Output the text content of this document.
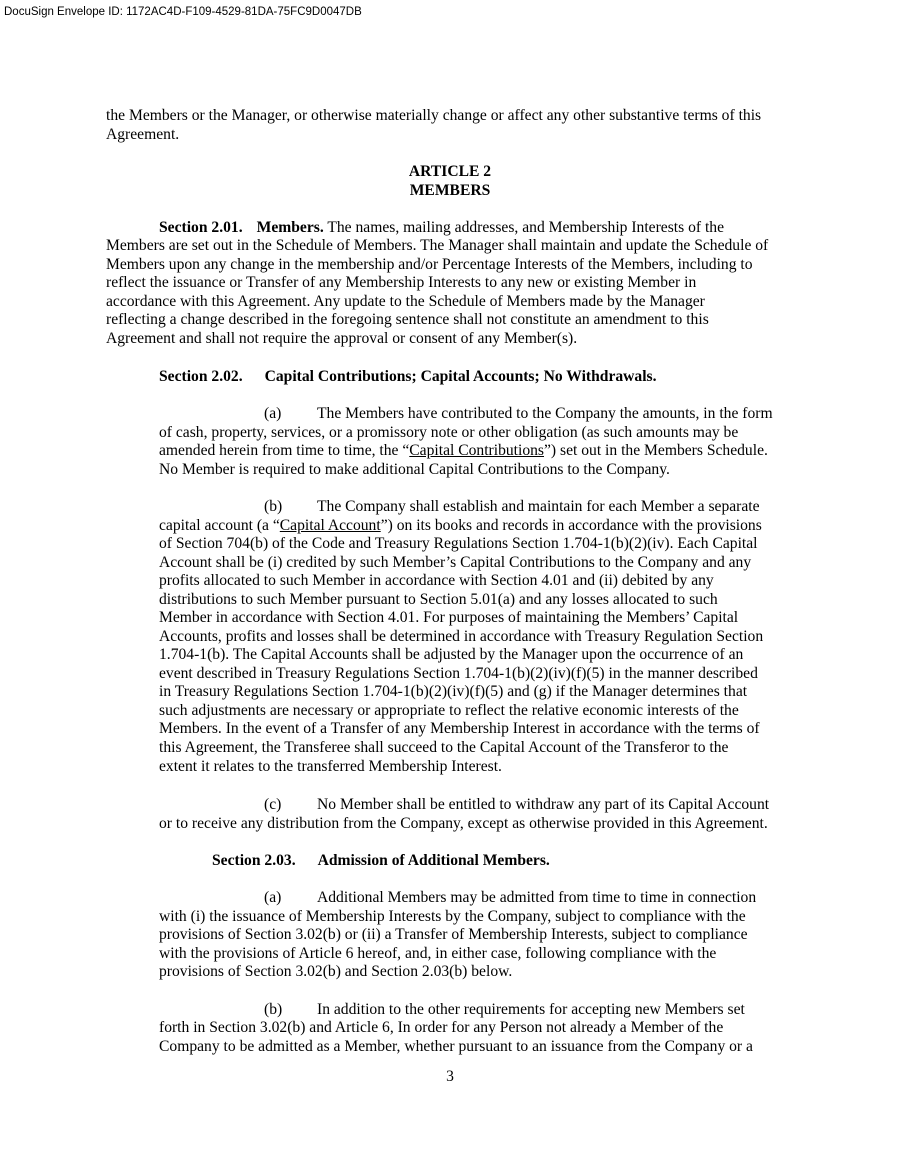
DocuSign Envelope ID: 1172AC4D-F109-4529-81DA-75FC9D0047DB
the Members or the Manager, or otherwise materially change or affect any other substantive terms of this
Agreement.
ARTICLE 2
MEMBERS
Section 2.01. Members. The names, mailing addresses, and Membership Interests of the
Members are set out in the Schedule of Members. The Manager shall maintain and update the Schedule of
Members upon any change in the membership and/or Percentage Interests of the Members, including to
reflect the issuance or Transfer of any Membership Interests to any new or existing Member in
accordance with this Agreement. Any update to the Schedule of Members made by the Manager
reflecting a change described in the foregoing sentence shall not constitute an amendment to this
Agreement and shall not require the approval or consent of any Member(s).
Section 2.02. Capital Contributions; Capital Accounts; No Withdrawals.
(a) The Members have contributed to the Company the amounts, in the form
of cash, property, services, or a promissory note or other obligation (as such amounts may be
amended herein from time to time, the “Capital Contributions”) set out in the Members Schedule.
No Member is required to make additional Capital Contributions to the Company.
(b) The Company shall establish and maintain for each Member a separate
capital account (a “Capital Account”) on its books and records in accordance with the provisions
of Section 704(b) of the Code and Treasury Regulations Section 1.704-1(b)(2)(iv). Each Capital
Account shall be (i) credited by such Member’s Capital Contributions to the Company and any
profits allocated to such Member in accordance with Section 4.01 and (ii) debited by any
distributions to such Member pursuant to Section 5.01(a) and any losses allocated to such
Member in accordance with Section 4.01. For purposes of maintaining the Members’ Capital
Accounts, profits and losses shall be determined in accordance with Treasury Regulation Section
1.704-1(b). The Capital Accounts shall be adjusted by the Manager upon the occurrence of an
event described in Treasury Regulations Section 1.704-1(b)(2)(iv)(f)(5) in the manner described
in Treasury Regulations Section 1.704-1(b)(2)(iv)(f)(5) and (g) if the Manager determines that
such adjustments are necessary or appropriate to reflect the relative economic interests of the
Members. In the event of a Transfer of any Membership Interest in accordance with the terms of
this Agreement, the Transferee shall succeed to the Capital Account of the Transferor to the
extent it relates to the transferred Membership Interest.
(c) No Member shall be entitled to withdraw any part of its Capital Account
or to receive any distribution from the Company, except as otherwise provided in this Agreement.
Section 2.03. Admission of Additional Members.
(a) Additional Members may be admitted from time to time in connection
with (i) the issuance of Membership Interests by the Company, subject to compliance with the
provisions of Section 3.02(b) or (ii) a Transfer of Membership Interests, subject to compliance
with the provisions of Article 6 hereof, and, in either case, following compliance with the
provisions of Section 3.02(b) and Section 2.03(b) below.
(b) In addition to the other requirements for accepting new Members set
forth in Section 3.02(b) and Article 6, In order for any Person not already a Member of the
Company to be admitted as a Member, whether pursuant to an issuance from the Company or a
3
